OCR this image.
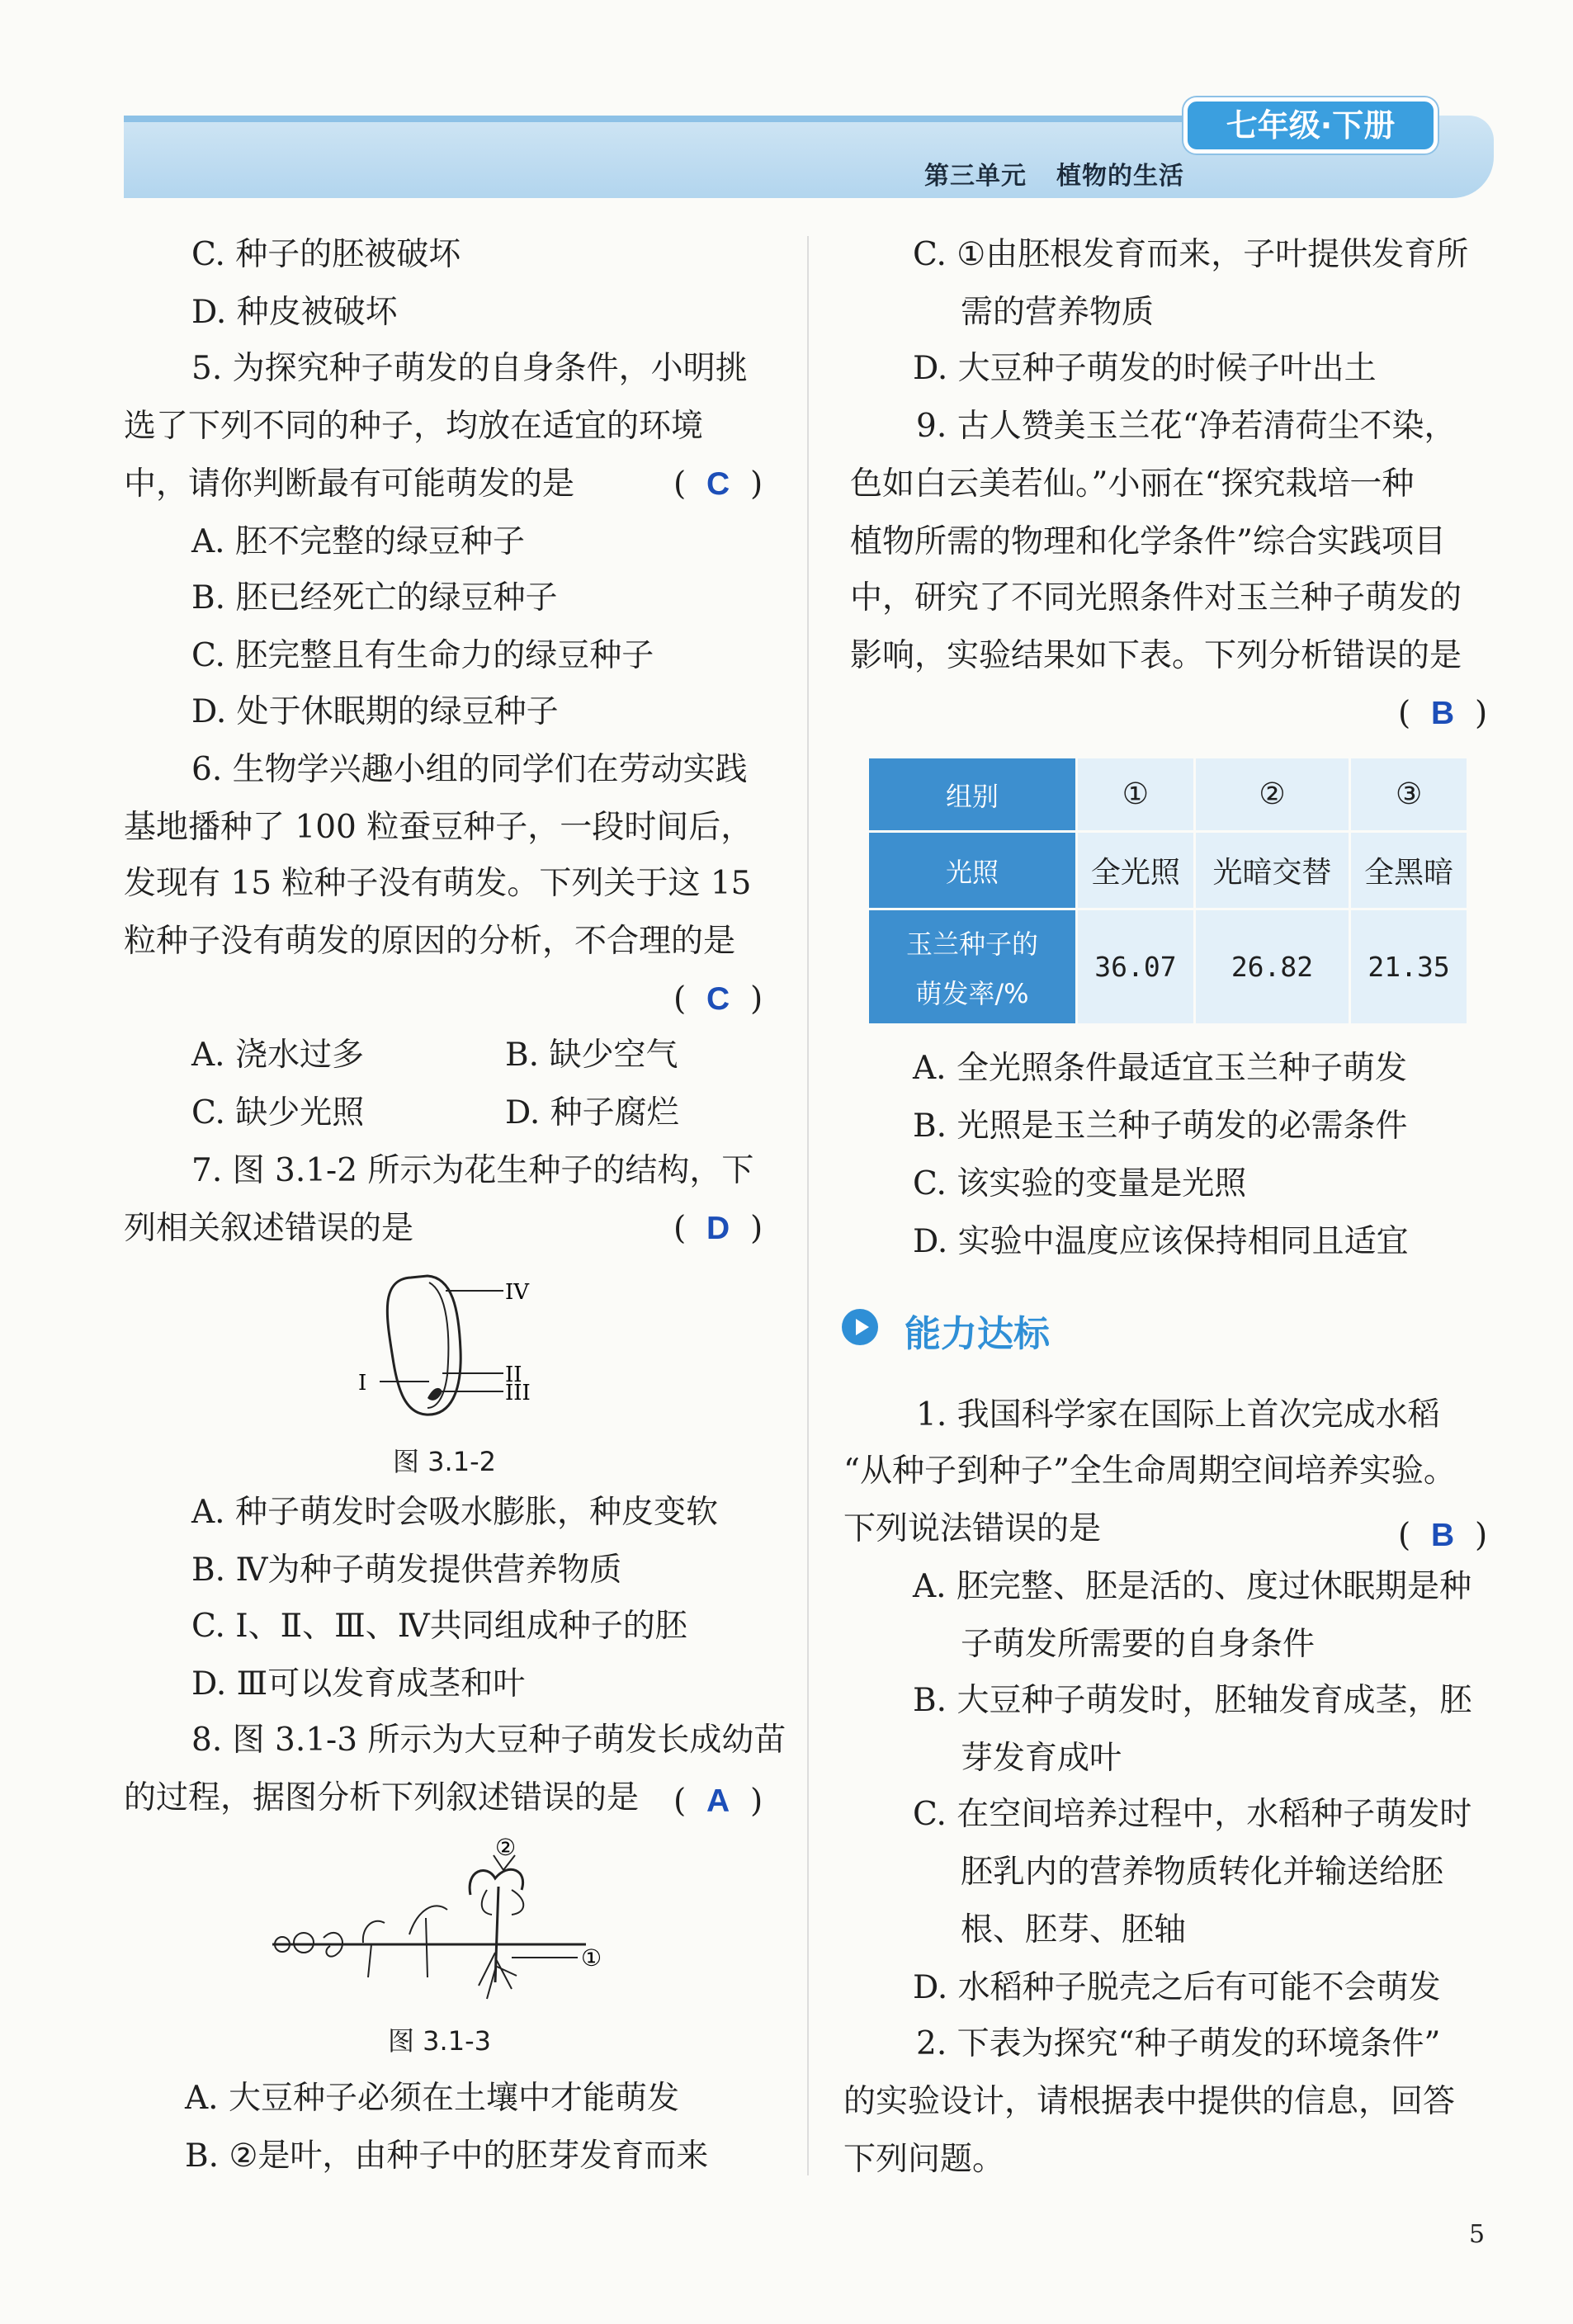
七年级·下册
第三单元 植物的生活
C. 种子的胚被破坏
D. 种皮被破坏
5. 为探究种子萌发的自身条件，小明挑
选了下列不同的种子，均放在适宜的环境
中，请你判断最有可能萌发的是	(  C  )
A. 胚不完整的绿豆种子
B. 胚已经死亡的绿豆种子
C. 胚完整且有生命力的绿豆种子
D. 处于休眠期的绿豆种子
6. 生物学兴趣小组的同学们在劳动实践
基地播种了 100 粒蚕豆种子，一段时间后，
发现有 15 粒种子没有萌发。下列关于这 15
粒种子没有萌发的原因的分析，不合理的是
(  C  )
A. 浇水过多	B. 缺少空气
C. 缺少光照	D. 种子腐烂
7. 图 3.1-2 所示为花生种子的结构，下
列相关叙述错误的是	(  D  )
IV
II
III
I
图 3.1-2
A. 种子萌发时会吸水膨胀，种皮变软
B. Ⅳ为种子萌发提供营养物质
C. Ⅰ、Ⅱ、Ⅲ、Ⅳ共同组成种子的胚
D. Ⅲ可以发育成茎和叶
8. 图 3.1-3 所示为大豆种子萌发长成幼苗
的过程，据图分析下列叙述错误的是 (  A  )
②
①
图 3.1-3
A. 大豆种子必须在土壤中才能萌发
B. ②是叶，由种子中的胚芽发育而来
C. ①由胚根发育而来，子叶提供发育所
需的营养物质
D. 大豆种子萌发的时候子叶出土
9. 古人赞美玉兰花“净若清荷尘不染，
色如白云美若仙。”小丽在“探究栽培一种
植物所需的物理和化学条件”综合实践项目
中，研究了不同光照条件对玉兰种子萌发的
影响，实验结果如下表。下列分析错误的是
(  B  )
组别	①	②	③
光照	全光照	光暗交替	全黑暗

玉兰种子的
萌发率/%	36.07	26.82	21.35
A. 全光照条件最适宜玉兰种子萌发
B. 光照是玉兰种子萌发的必需条件
C. 该实验的变量是光照
D. 实验中温度应该保持相同且适宜
能力达标
1. 我国科学家在国际上首次完成水稻
“从种子到种子”全生命周期空间培养实验。
下列说法错误的是	(  B  )
A. 胚完整、胚是活的、度过休眠期是种
子萌发所需要的自身条件
B. 大豆种子萌发时，胚轴发育成茎，胚
芽发育成叶
C. 在空间培养过程中，水稻种子萌发时
胚乳内的营养物质转化并输送给胚
根、胚芽、胚轴
D. 水稻种子脱壳之后有可能不会萌发
2. 下表为探究“种子萌发的环境条件”
的实验设计，请根据表中提供的信息，回答
下列问题。
5
